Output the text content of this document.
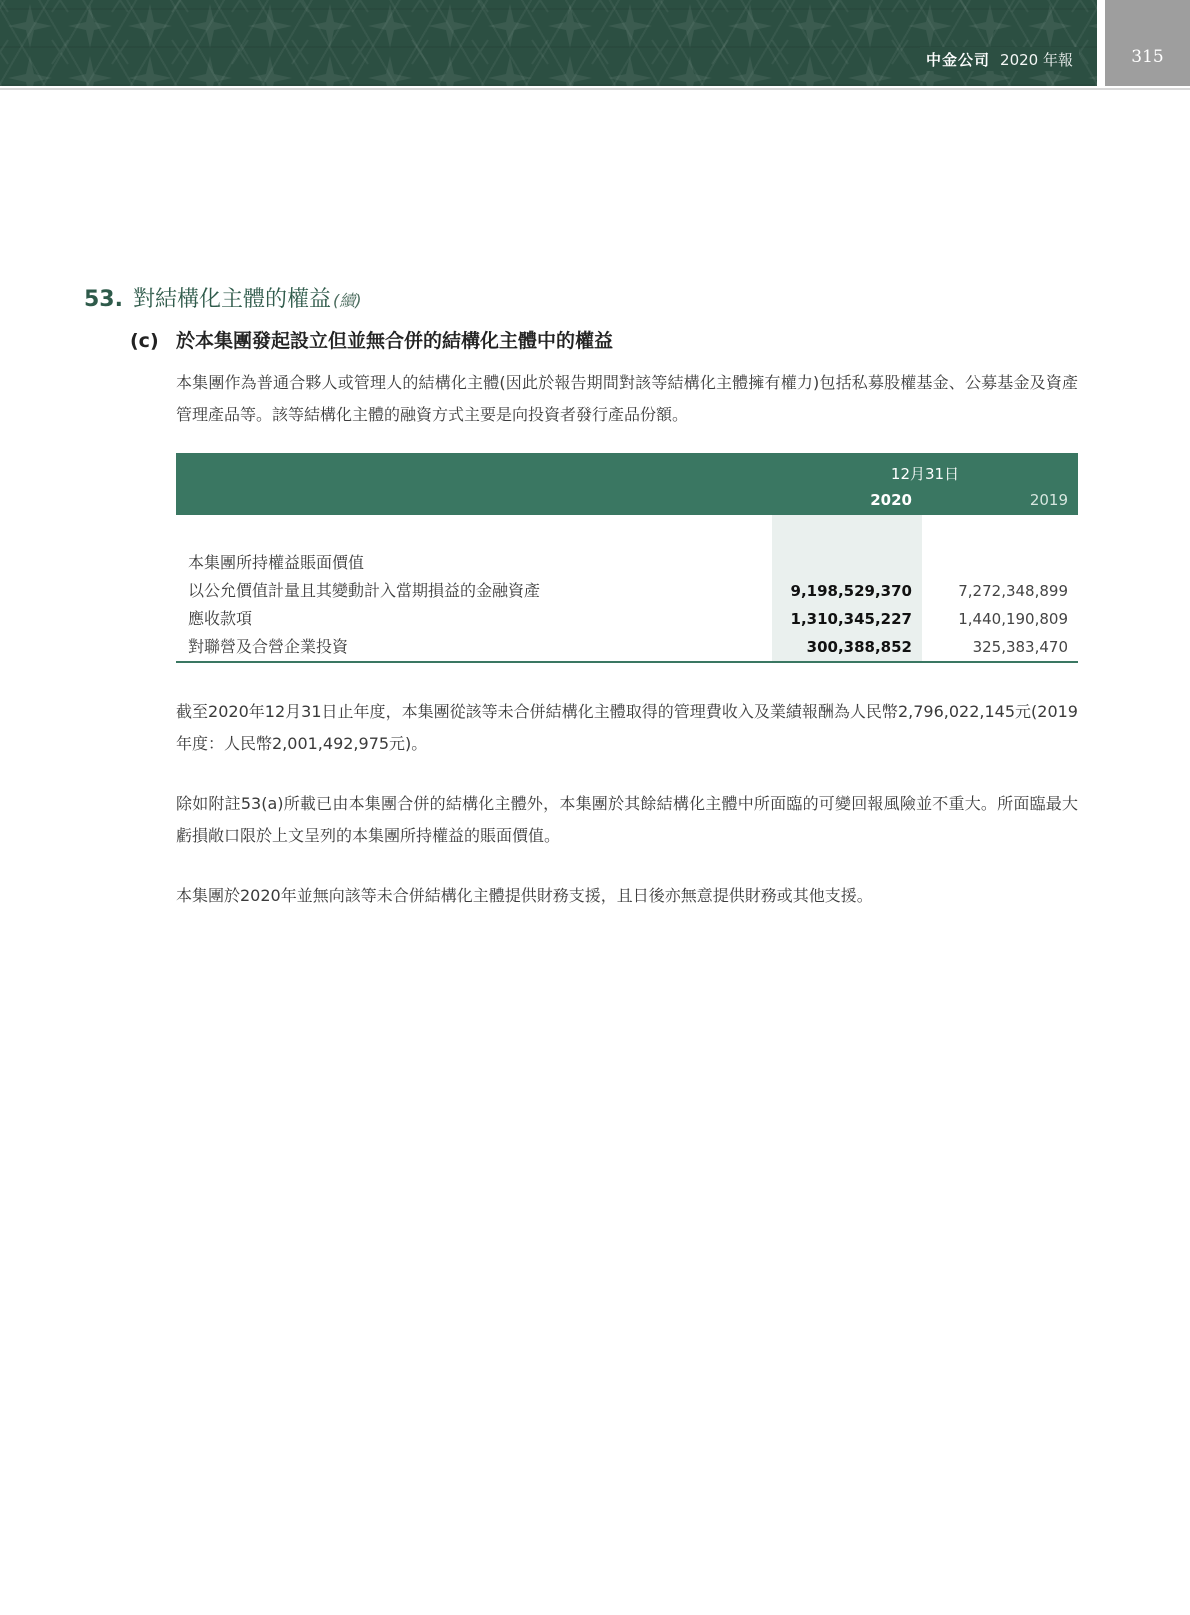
中金公司 2020 年報	315
53. 對結構化主體的權益 (續)
(c) 於本集團發起設立但並無合併的結構化主體中的權益
本集團作為普通合夥人或管理人的結構化主體(因此於報告期間對該等結構化主體擁有權力)包括私募股權基金、公募基金及資產管理產品等。該等結構化主體的融資方式主要是向投資者發行產品份額。
12月31日
2020	2019
本集團所持權益賬面價值
以公允價值計量且其變動計入當期損益的金融資產	9,198,529,370	7,272,348,899
應收款項	1,310,345,227	1,440,190,809
對聯營及合營企業投資	300,388,852	325,383,470
截至2020年12月31日止年度，本集團從該等未合併結構化主體取得的管理費收入及業績報酬為人民幣2,796,022,145元(2019年度：人民幣2,001,492,975元)。
除如附註53(a)所載已由本集團合併的結構化主體外，本集團於其餘結構化主體中所面臨的可變回報風險並不重大。所面臨最大虧損敞口限於上文呈列的本集團所持權益的賬面價值。
本集團於2020年並無向該等未合併結構化主體提供財務支援，且日後亦無意提供財務或其他支援。
